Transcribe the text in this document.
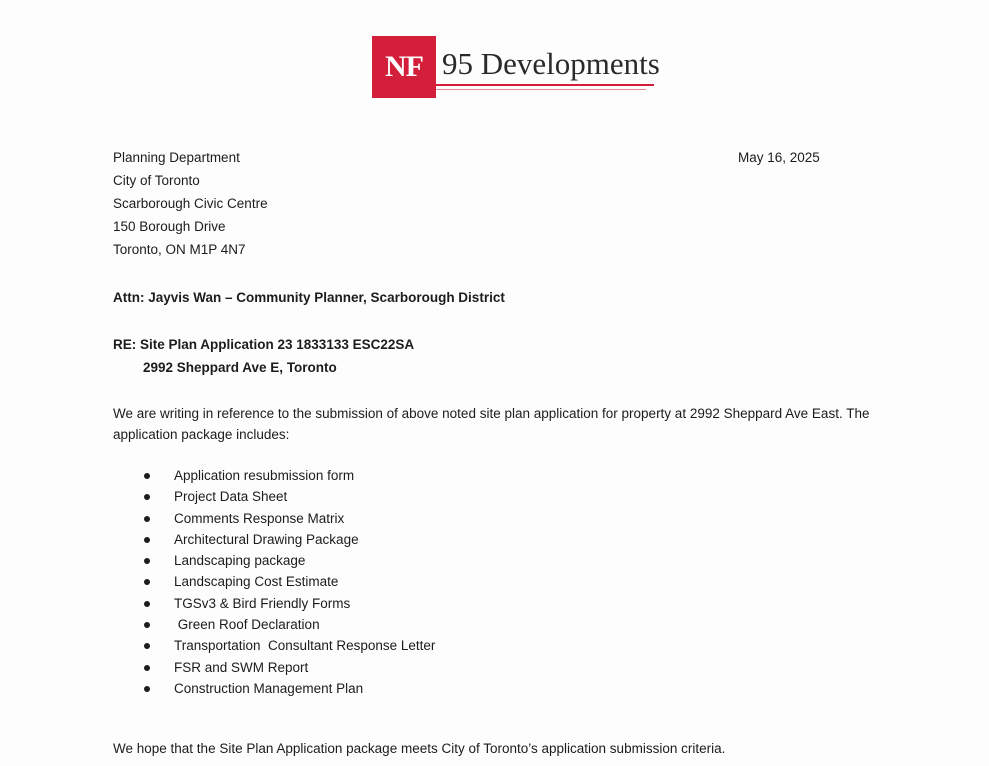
NF 95 Developments
Planning Department
City of Toronto
Scarborough Civic Centre
150 Borough Drive
Toronto, ON M1P 4N7
May 16, 2025
Attn: Jayvis Wan – Community Planner, Scarborough District
RE: Site Plan Application 23 1833133 ESC22SA
2992 Sheppard Ave E, Toronto
We are writing in reference to the submission of above noted site plan application for property at 2992 Sheppard Ave East. The application package includes:
Application resubmission form
Project Data Sheet
Comments Response Matrix
Architectural Drawing Package
Landscaping package
Landscaping Cost Estimate
TGSv3 & Bird Friendly Forms
Green Roof Declaration
Transportation  Consultant Response Letter
FSR and SWM Report
Construction Management Plan
We hope that the Site Plan Application package meets City of Toronto’s application submission criteria.
